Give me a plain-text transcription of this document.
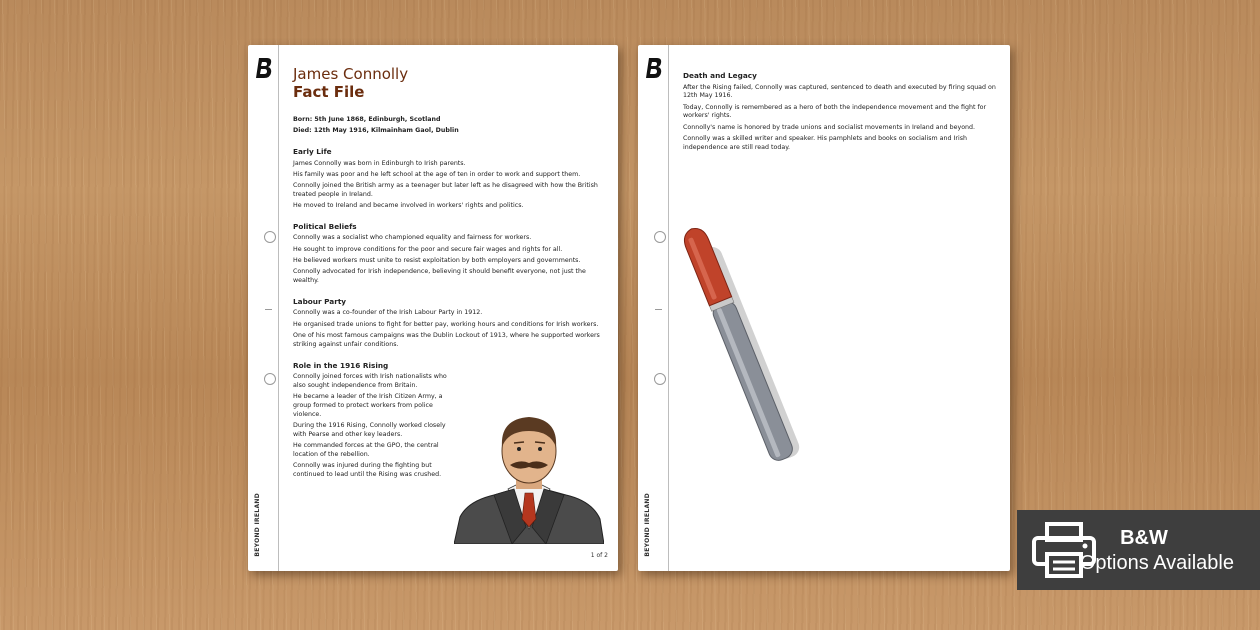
BEYOND IRELAND
James Connolly
Fact File
Born: 5th June 1868, Edinburgh, Scotland
Died: 12th May 1916, Kilmainham Gaol, Dublin
Early Life
James Connolly was born in Edinburgh to Irish parents.
His family was poor and he left school at the age of ten in order to work and support them.
Connolly joined the British army as a teenager but later left as he disagreed with how the British treated people in Ireland.
He moved to Ireland and became involved in workers' rights and politics.
Political Beliefs
Connolly was a socialist who championed equality and fairness for workers.
He sought to improve conditions for the poor and secure fair wages and rights for all.
He believed workers must unite to resist exploitation by both employers and governments.
Connolly advocated for Irish independence, believing it should benefit everyone, not just the wealthy.
Labour Party
Connolly was a co-founder of the Irish Labour Party in 1912.
He organised trade unions to fight for better pay, working hours and conditions for Irish workers.
One of his most famous campaigns was the Dublin Lockout of 1913, where he supported workers striking against unfair conditions.
Role in the 1916 Rising
Connolly joined forces with Irish nationalists who also sought independence from Britain.
He became a leader of the Irish Citizen Army, a group formed to protect workers from police violence.
During the 1916 Rising, Connolly worked closely with Pearse and other key leaders.
He commanded forces at the GPO, the central location of the rebellion.
Connolly was injured during the fighting but continued to lead until the Rising was crushed.
1 of 2	BEYOND IRELAND
Death and Legacy
After the Rising failed, Connolly was captured, sentenced to death and executed by firing squad on 12th May 1916.
Today, Connolly is remembered as a hero of both the independence movement and the fight for workers' rights.
Connolly's name is honored by trade unions and socialist movements in Ireland and beyond.
Connolly was a skilled writer and speaker. His pamphlets and books on socialism and Irish independence are still read today.
B&W
Options Available
